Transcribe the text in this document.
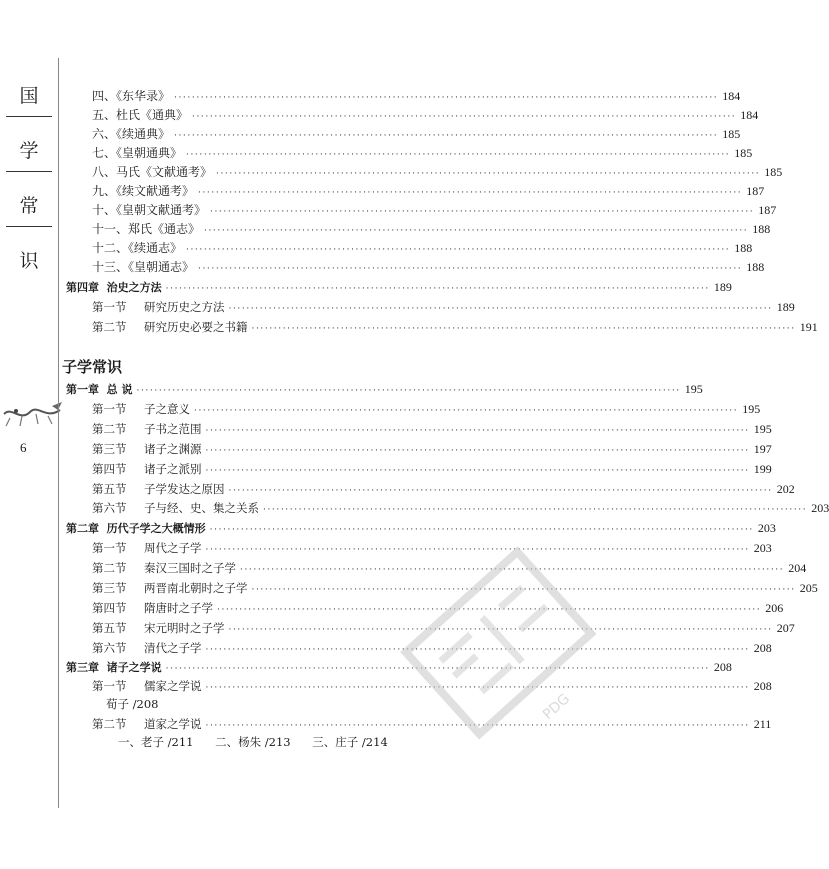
国
学
常
识
6
四、《东华录》 ·························································································································· 184
五、杜氏《通典》 ·························································································································· 184
六、《续通典》 ·························································································································· 185
七、《皇朝通典》 ·························································································································· 185
八、马氏《文献通考》 ·························································································································· 185
九、《续文献通考》 ·························································································································· 187
十、《皇朝文献通考》 ·························································································································· 187
十一、郑氏《通志》 ·························································································································· 188
十二、《续通志》 ·························································································································· 188
十三、《皇朝通志》 ·························································································································· 188
第四章 治史之方法 ·························································································································· 189
第一节 研究历史之方法 ·························································································································· 189
第二节 研究历史必要之书籍 ·························································································································· 191
子学常识
第一章 总 说 ·························································································································· 195
第一节 子之意义 ·························································································································· 195
第二节 子书之范围 ·························································································································· 195
第三节 诸子之渊源 ·························································································································· 197
第四节 诸子之派别 ·························································································································· 199
第五节 子学发达之原因 ·························································································································· 202
第六节 子与经、史、集之关系 ·························································································································· 203
第二章 历代子学之大概情形 ·························································································································· 203
第一节 周代之子学 ·························································································································· 203
第二节 秦汉三国时之子学 ·························································································································· 204
第三节 两晋南北朝时之子学 ·························································································································· 205
第四节 隋唐时之子学 ·························································································································· 206
第五节 宋元明时之子学 ·························································································································· 207
第六节 清代之子学 ·························································································································· 208
第三章 诸子之学说 ·························································································································· 208
第一节 儒家之学说 ·························································································································· 208
荀子 /208
第二节 道家之学说 ·························································································································· 211
一、老子 /211 二、杨朱 /213 三、庄子 /214
PDG
